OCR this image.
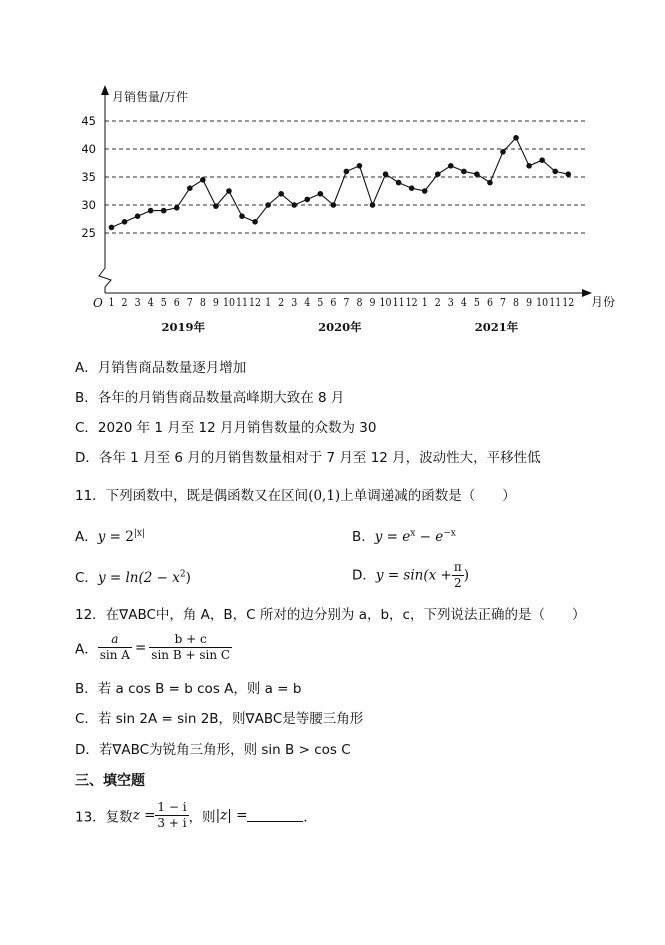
月销售量/万件
月份
O
25
30
35
40
45
1 2 3 4 5 6 7 8 9 10 11 12 1 2 3 4 5 6 7 8 9 10 11 12 1 2 3 4 5 6 7 8 9 10 11 12
2019年	2020年	2021年
A．月销售商品数量逐月增加
B．各年的月销售商品数量高峰期大致在 8 月
C．2020 年 1 月至 12 月月销售数量的众数为 30
D．各年 1 月至 6 月的月销售数量相对于 7 月至 12 月，波动性大，平移性低
11．下列函数中，既是偶函数又在区间(0,1)上单调递减的函数是（　　）
A．$y = 2^{|x|}$	B．$y = e^x - e^{-x}$
C．$y = \ln(2 - x^2)$	D．$y = \sin(x + \frac{\pi}{2}$ )
12．在∇ABC中，角 A，B，C 所对的边分别为 a，b，c，下列说法正确的是（　　）
A． $\frac{a}{\text{sin A}} = \frac{b + c}{\text{sin B + sin C}}$
B．若 a cos B = b cos A，则 a = b
C．若 sin 2A = sin 2B，则∇ABC是等腰三角形
D．若∇ABC为锐角三角形，则 sin B > cos C
三、填空题
13．复数$z = \frac{1 - i}{3 + i}$ ，则|z| =	．
